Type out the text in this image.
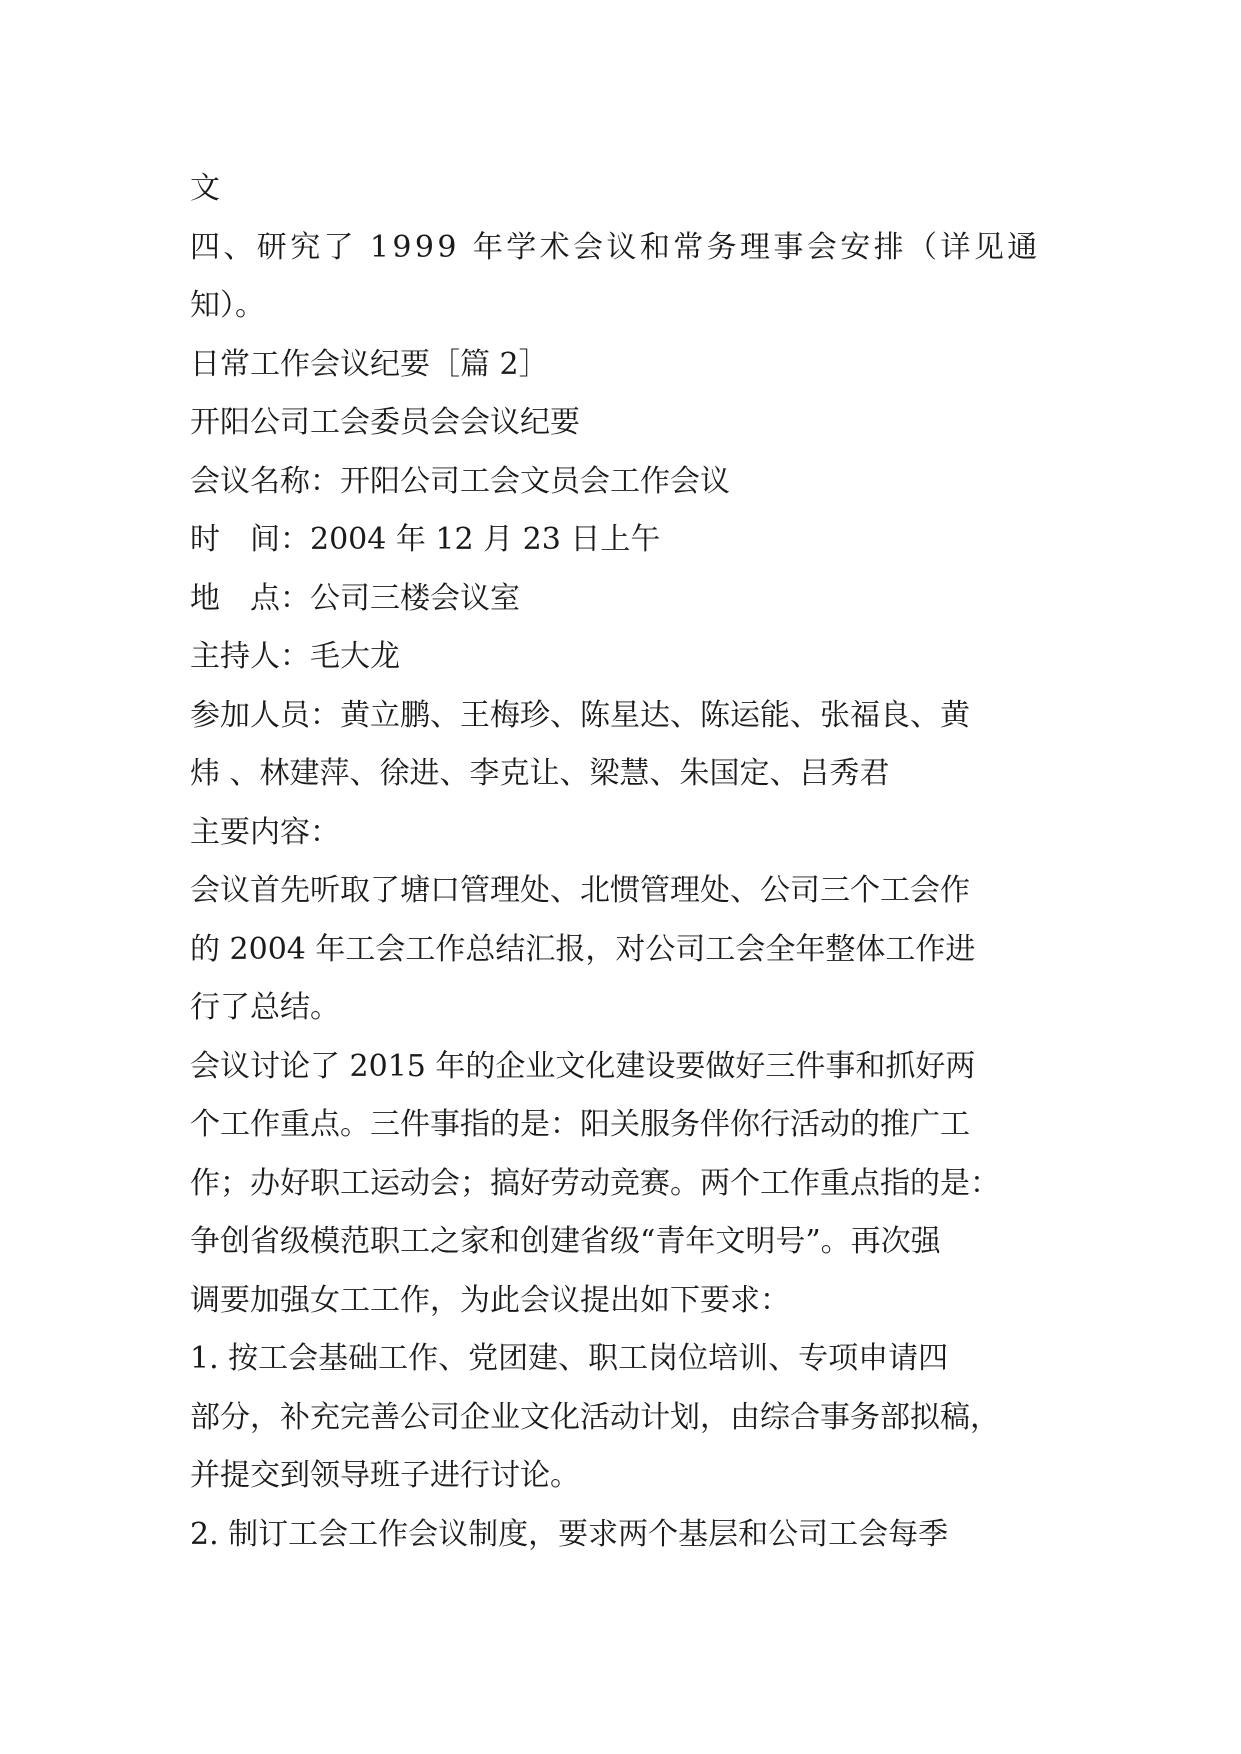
文

四、研究了 1999 年学术会议和常务理事会安排（详见通

知）。

日常工作会议纪要［篇 2］

开阳公司工会委员会会议纪要

会议名称：开阳公司工会文员会工作会议

时　间：2004 年 12 月 23 日上午

地　点：公司三楼会议室

主持人：毛大龙

参加人员：黄立鹏、王梅珍、陈星达、陈运能、张福良、黄

炜 、林建萍、徐进、李克让、梁慧、朱国定、吕秀君

主要内容：

会议首先听取了塘口管理处、北惯管理处、公司三个工会作

的 2004 年工会工作总结汇报，对公司工会全年整体工作进

行了总结。

会议讨论了 2015 年的企业文化建设要做好三件事和抓好两

个工作重点。三件事指的是：阳关服务伴你行活动的推广工

作；办好职工运动会；搞好劳动竞赛。两个工作重点指的是：

争创省级模范职工之家和创建省级“青年文明号”。再次强

调要加强女工工作，为此会议提出如下要求：

1. 按工会基础工作、党团建、职工岗位培训、专项申请四

部分，补充完善公司企业文化活动计划，由综合事务部拟稿，

并提交到领导班子进行讨论。

2. 制订工会工作会议制度，要求两个基层和公司工会每季
